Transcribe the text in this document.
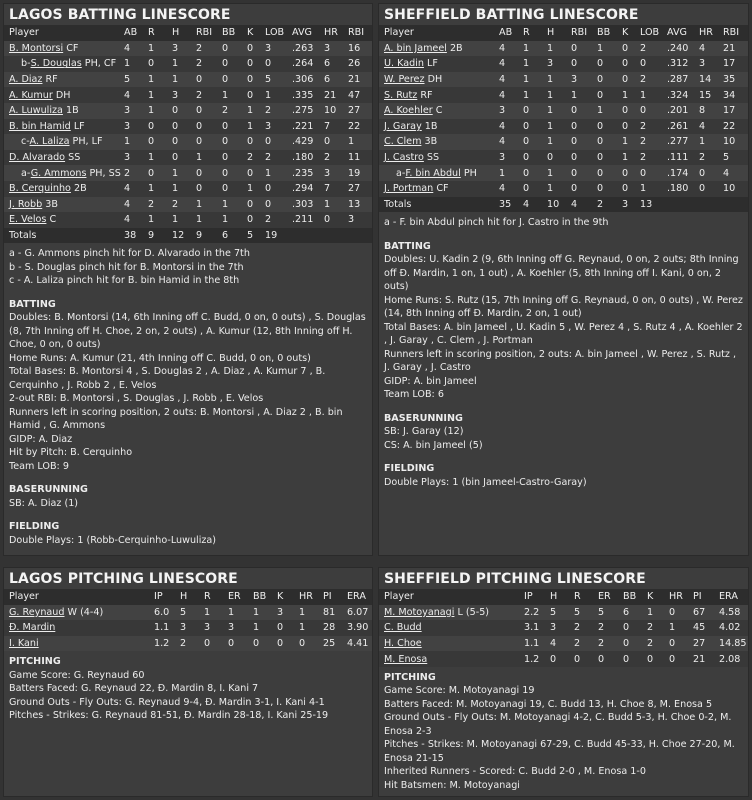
LAGOS BATTING LINESCORE
Player	AB	R	H	RBI	BB	K	LOB	AVG	HR	RBI
B. Montorsi CF	4	1	3	2	0	0	3	.263	3	16
b-S. Douglas PH, CF	1	0	1	2	0	0	0	.264	6	26
A. Diaz RF	5	1	1	0	0	0	5	.306	6	21
A. Kumur DH	4	1	3	2	1	0	1	.335	21	47
A. Luwuliza 1B	3	1	0	0	2	1	2	.275	10	27
B. bin Hamid LF	3	0	0	0	0	1	3	.221	7	22
c-A. Laliza PH, LF	1	0	0	0	0	0	0	.429	0	1
D. Alvarado SS	3	1	0	1	0	2	2	.180	2	11
a-G. Ammons PH, SS	2	0	1	0	0	0	1	.235	3	19
B. Cerquinho 2B	4	1	1	0	0	1	0	.294	7	27
J. Robb 3B	4	2	2	1	1	0	0	.303	1	13
E. Velos C	4	1	1	1	1	0	2	.211	0	3
Totals	38	9	12	9	6	5	19			
a - G. Ammons pinch hit for D. Alvarado in the 7th
b - S. Douglas pinch hit for B. Montorsi in the 7th
c - A. Laliza pinch hit for B. bin Hamid in the 8th
BATTING
Doubles: B. Montorsi (14, 6th Inning off C. Budd, 0 on, 0 outs) , S. Douglas (8, 7th Inning off H. Choe, 2 on, 2 outs) , A. Kumur (12, 8th Inning off H. Choe, 0 on, 0 outs)
Home Runs: A. Kumur (21, 4th Inning off C. Budd, 0 on, 0 outs)
Total Bases: B. Montorsi 4 , S. Douglas 2 , A. Diaz , A. Kumur 7 , B. Cerquinho , J. Robb 2 , E. Velos
2-out RBI: B. Montorsi , S. Douglas , J. Robb , E. Velos
Runners left in scoring position, 2 outs: B. Montorsi , A. Diaz 2 , B. bin Hamid , G. Ammons
GIDP: A. Diaz
Hit by Pitch: B. Cerquinho
Team LOB: 9
BASERUNNING
SB: A. Diaz (1)
FIELDING
Double Plays: 1 (Robb-Cerquinho-Luwuliza)
SHEFFIELD BATTING LINESCORE
Player	AB	R	H	RBI	BB	K	LOB	AVG	HR	RBI
A. bin Jameel 2B	4	1	1	0	1	0	2	.240	4	21
U. Kadin LF	4	1	3	0	0	0	0	.312	3	17
W. Perez DH	4	1	1	3	0	0	2	.287	14	35
S. Rutz RF	4	1	1	1	0	1	1	.324	15	34
A. Koehler C	3	0	1	0	1	0	0	.201	8	17
J. Garay 1B	4	0	1	0	0	0	2	.261	4	22
C. Clem 3B	4	0	1	0	0	1	2	.277	1	10
J. Castro SS	3	0	0	0	0	1	2	.111	2	5
a-F. bin Abdul PH	1	0	1	0	0	0	0	.174	0	4
J. Portman CF	4	0	1	0	0	0	1	.180	0	10
Totals	35	4	10	4	2	3	13			
a - F. bin Abdul pinch hit for J. Castro in the 9th
BATTING
Doubles: U. Kadin 2 (9, 6th Inning off G. Reynaud, 0 on, 2 outs; 8th Inning off Đ. Mardin, 1 on, 1 out) , A. Koehler (5, 8th Inning off I. Kani, 0 on, 2 outs)
Home Runs: S. Rutz (15, 7th Inning off G. Reynaud, 0 on, 0 outs) , W. Perez (14, 8th Inning off Đ. Mardin, 2 on, 1 out)
Total Bases: A. bin Jameel , U. Kadin 5 , W. Perez 4 , S. Rutz 4 , A. Koehler 2 , J. Garay , C. Clem , J. Portman
Runners left in scoring position, 2 outs: A. bin Jameel , W. Perez , S. Rutz , J. Garay , J. Castro
GIDP: A. bin Jameel
Team LOB: 6
BASERUNNING
SB: J. Garay (12)
CS: A. bin Jameel (5)
FIELDING
Double Plays: 1 (bin Jameel-Castro-Garay)
LAGOS PITCHING LINESCORE
Player	IP	H	R	ER	BB	K	HR	PI	ERA
G. Reynaud W (4-4)	6.0	5	1	1	1	3	1	81	6.07
Đ. Mardin	1.1	3	3	3	1	0	1	28	3.90
I. Kani	1.2	2	0	0	0	0	0	25	4.41
PITCHING
Game Score: G. Reynaud 60
Batters Faced: G. Reynaud 22, Đ. Mardin 8, I. Kani 7
Ground Outs - Fly Outs: G. Reynaud 9-4, Đ. Mardin 3-1, I. Kani 4-1
Pitches - Strikes: G. Reynaud 81-51, Đ. Mardin 28-18, I. Kani 25-19
SHEFFIELD PITCHING LINESCORE
Player	IP	H	R	ER	BB	K	HR	PI	ERA
M. Motoyanagi L (5-5)	2.2	5	5	5	6	1	0	67	4.58
C. Budd	3.1	3	2	2	0	2	1	45	4.02
H. Choe	1.1	4	2	2	0	2	0	27	14.85
M. Enosa	1.2	0	0	0	0	0	0	21	2.08
PITCHING
Game Score: M. Motoyanagi 19
Batters Faced: M. Motoyanagi 19, C. Budd 13, H. Choe 8, M. Enosa 5
Ground Outs - Fly Outs: M. Motoyanagi 4-2, C. Budd 5-3, H. Choe 0-2, M. Enosa 2-3
Pitches - Strikes: M. Motoyanagi 67-29, C. Budd 45-33, H. Choe 27-20, M. Enosa 21-15
Inherited Runners - Scored: C. Budd 2-0 , M. Enosa 1-0
Hit Batsmen: M. Motoyanagi
